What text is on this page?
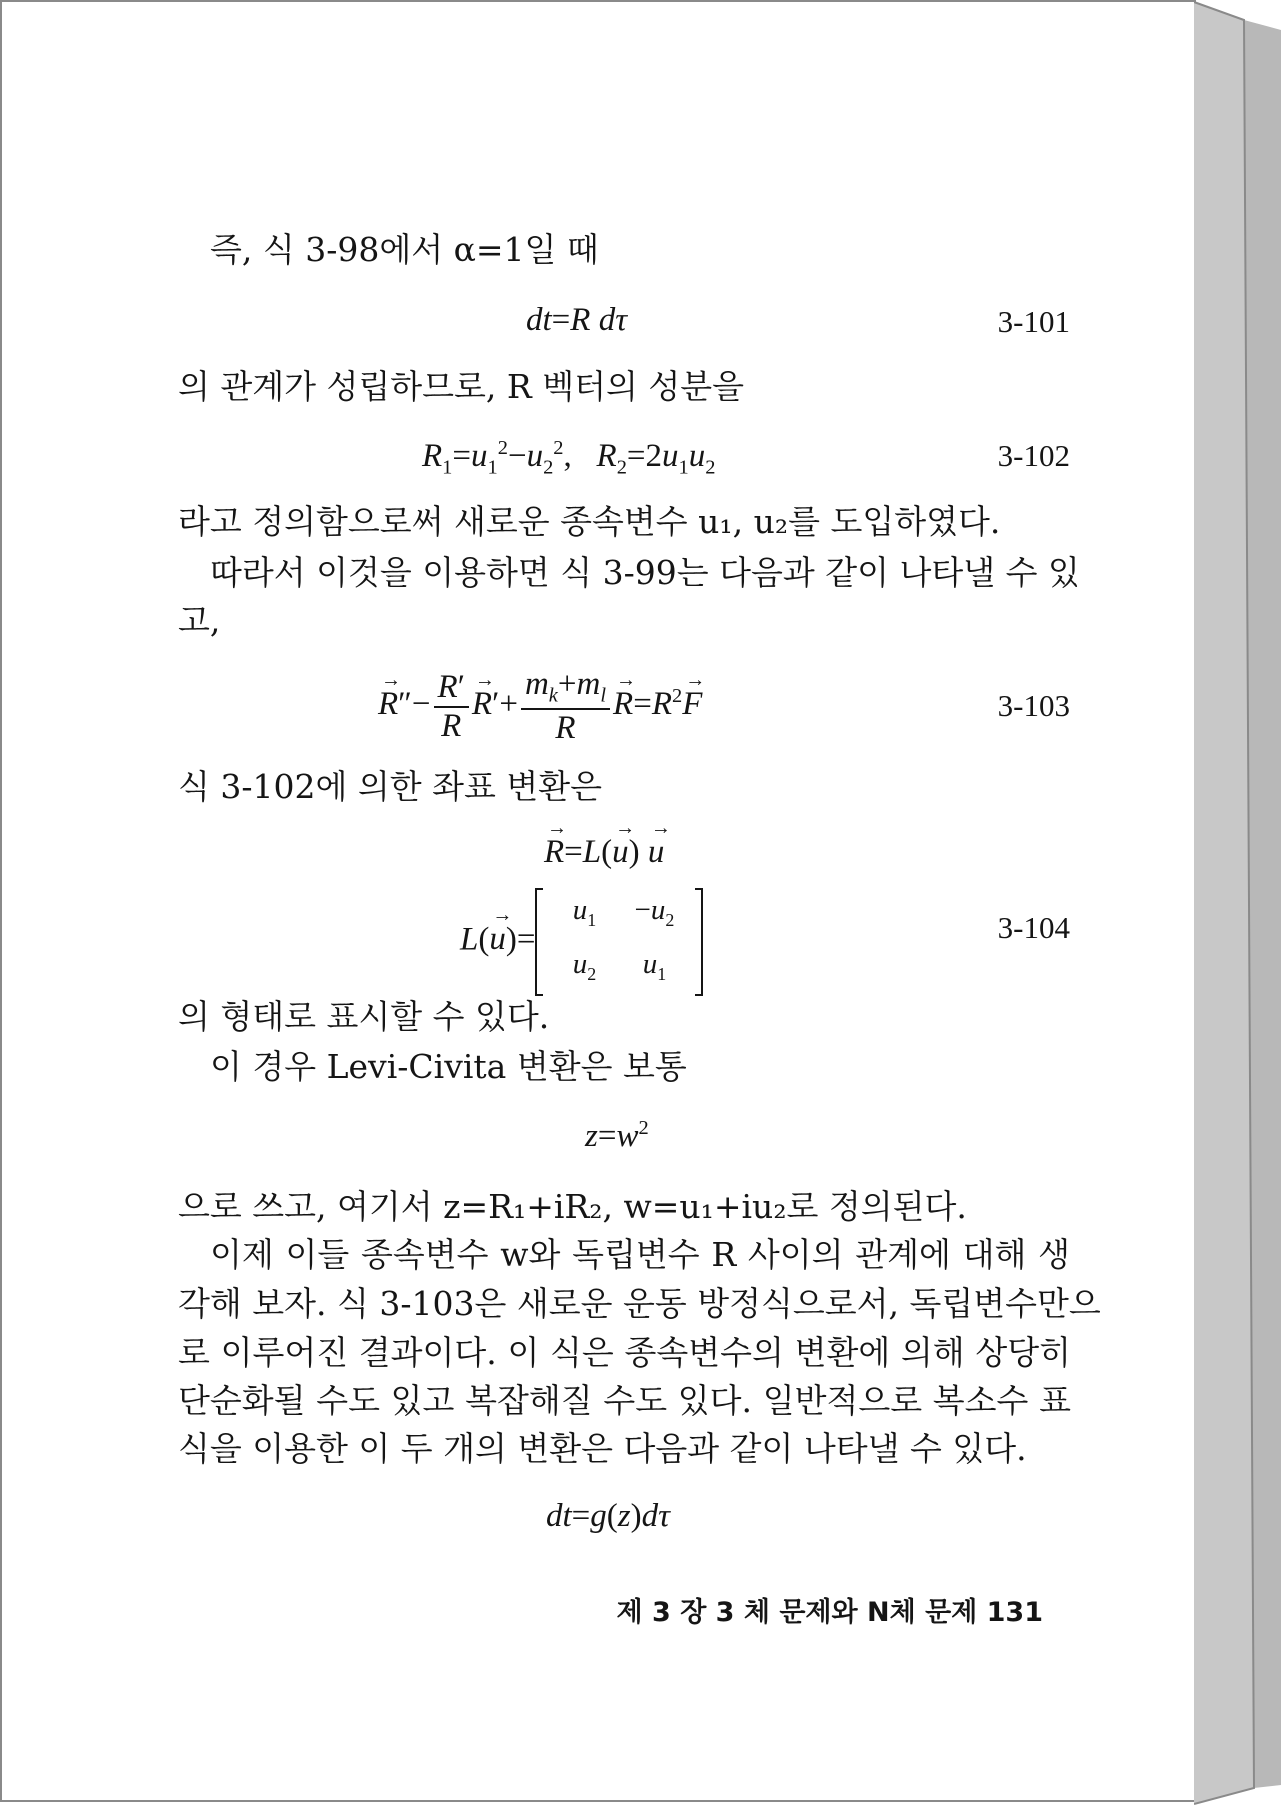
즉, 식 3-98에서 α=1일 때
dt=R dτ	3-101
의 관계가 성립하므로, R 벡터의 성분을
$R_1=u_1^2-u_2^2$,   $R_2=2u_1u_2$	3-102
라고 정의함으로써 새로운 종속변수 u₁, u₂를 도입하였다.
따라서 이것을 이용하면 식 3-99는 다음과 같이 나타낼 수 있
고,
→ $R''- \frac{R'}{R}$
→ $R'+ \frac{m_k+m_l}{R}$
→ $R=R^2\to F$	3-103
식 3-102에 의한 좌표 변환은
→ R=L(→ u) → u
L(→ u)=
$u_1 -u_2$
$u_2$ $u_1$
3-104
의 형태로 표시할 수 있다.
이 경우 Levi-Civita 변환은 보통
$z=w^2$
으로 쓰고, 여기서 z=R₁+iR₂, w=u₁+iu₂로 정의된다.
이제 이들 종속변수 w와 독립변수 R 사이의 관계에 대해 생
각해 보자. 식 3-103은 새로운 운동 방정식으로서, 독립변수만으
로 이루어진 결과이다. 이 식은 종속변수의 변환에 의해 상당히
단순화될 수도 있고 복잡해질 수도 있다. 일반적으로 복소수 표
식을 이용한 이 두 개의 변환은 다음과 같이 나타낼 수 있다.
dt=g(z)dτ
제 3 장 3 체 문제와 N체 문제 131
